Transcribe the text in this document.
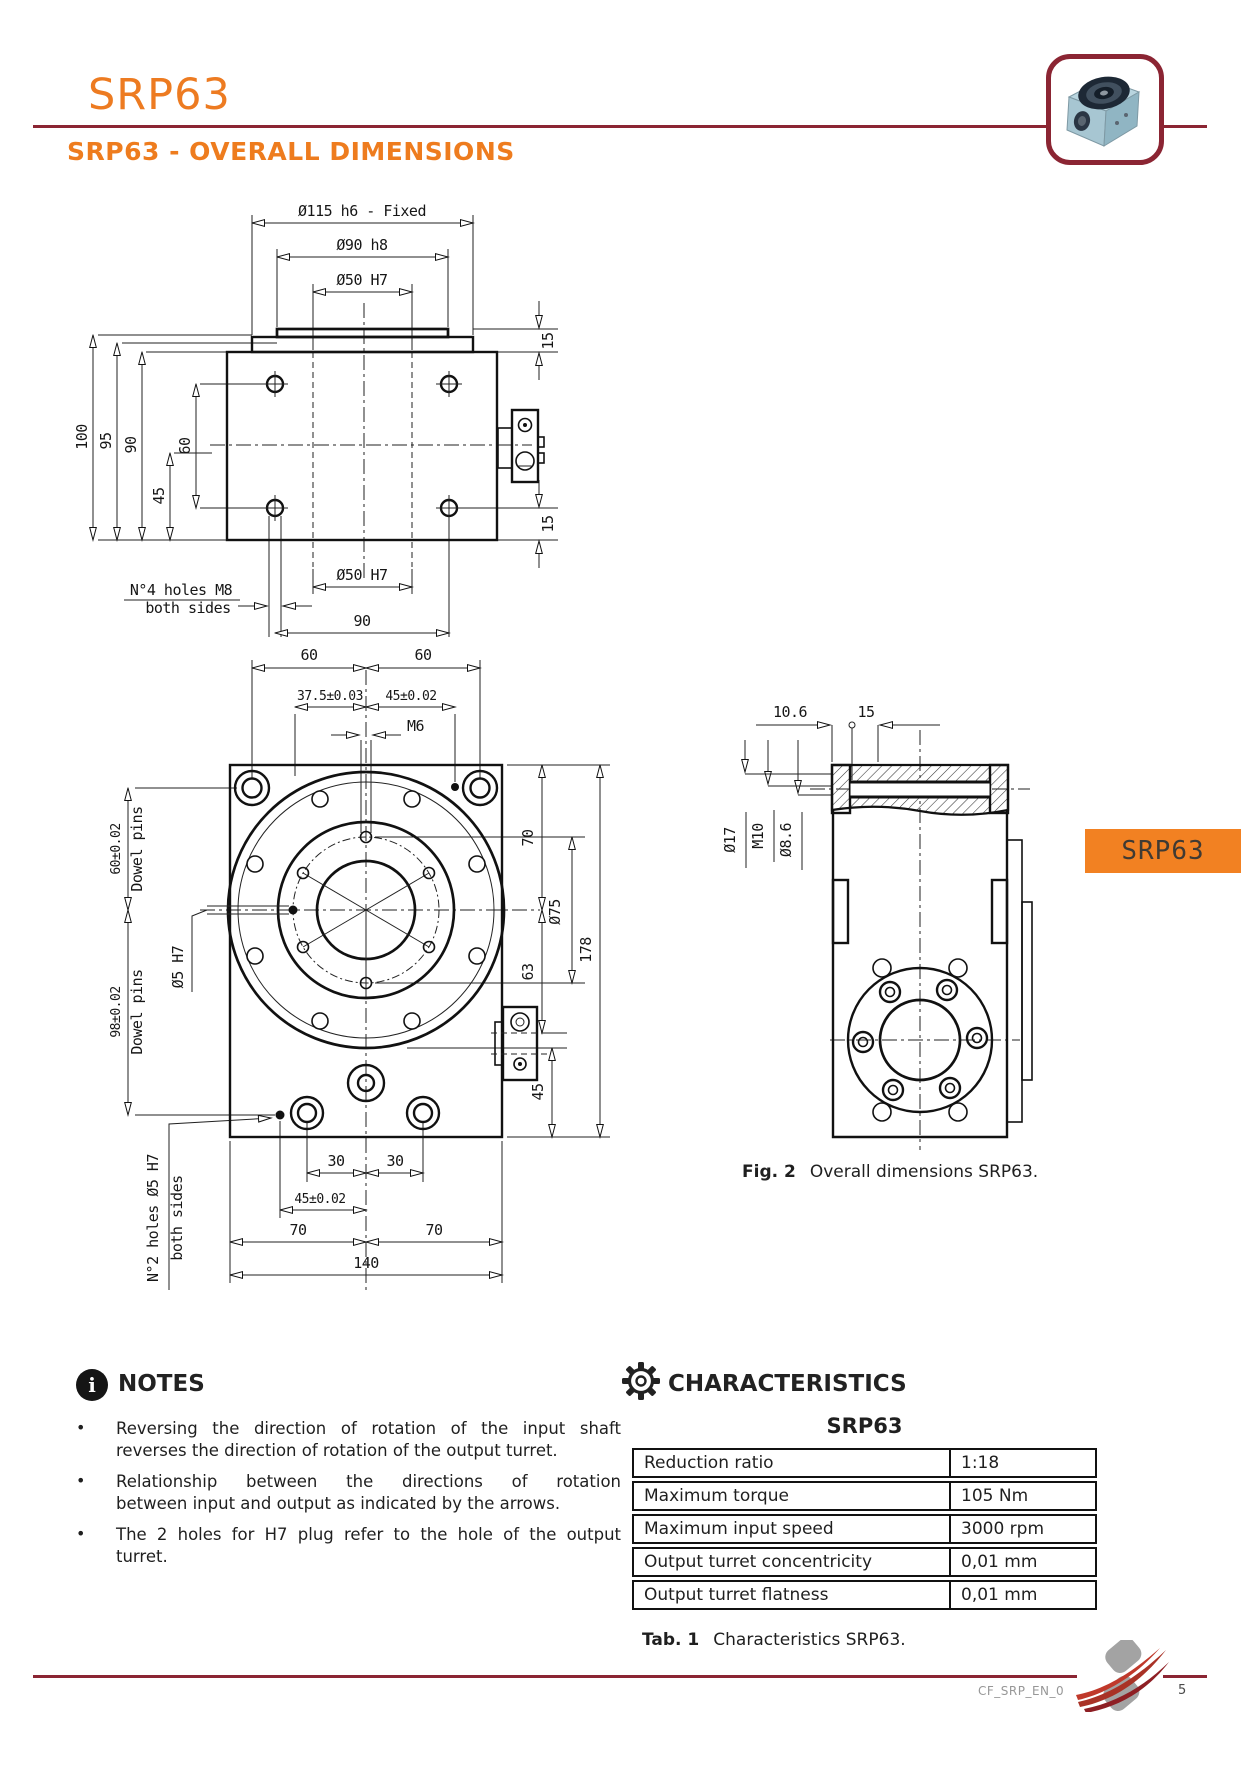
SRP63
SRP63 - OVERALL DIMENSIONS
Ø115 h6 - Fixed
Ø90 h8
Ø50 H7
15
15
100 95 90 60
45
Ø50 H7
N°4 holes M8
both sides
90
60	60
37.5±0.03 45±0.02
M6
60±0.02 Dowel pins
98±0.02 Dowel pins
Ø5 H7
N°2 holes Ø5 H7 both sides
70
63
Ø75
45
178
30	30
45±0.02
70	70
140
10.6	15
Ø17 M10 Ø8.6	SRP63
Fig. 2 Overall dimensions SRP63.
i NOTES
•	Reversing the direction of rotation of the input shaft
reverses the direction of rotation of the output turret.
•	Relationship between the directions of rotation
between input and output as indicated by the arrows.
•	The 2 holes for H7 plug refer to the hole of the output
turret.
CHARACTERISTICS
SRP63
Reduction ratio	1:18
Maximum torque	105 Nm
Maximum input speed	3000 rpm
Output turret concentricity	0,01 mm
Output turret flatness	0,01 mm
Tab. 1 Characteristics SRP63.
CF_SRP_EN_0	5
